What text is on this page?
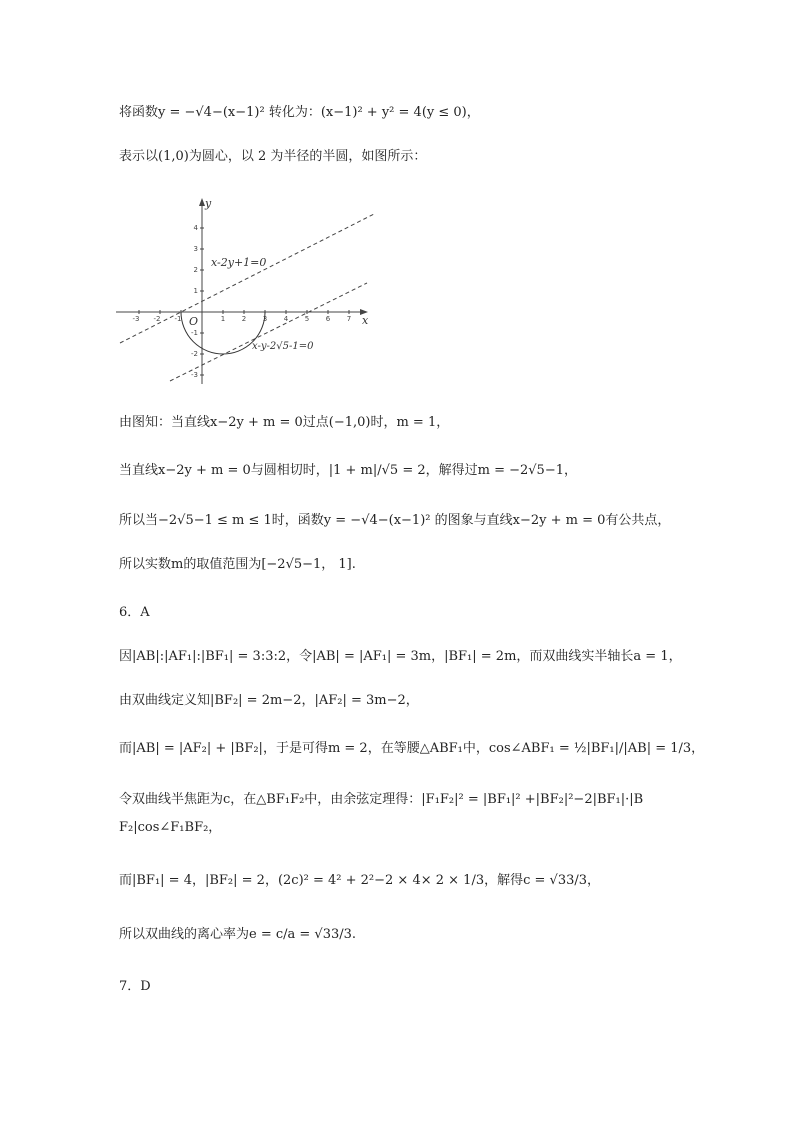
将函数y = −√4−(x−1)² 转化为：(x−1)² + y² = 4(y ≤ 0)，
表示以(1,0)为圆心，以 2 为半径的半圆，如图所示：
-3 -2 -1	1 2 3 4 5 6 7
4
3
2
1
-1
-2
-3
y
x
O
x-2y+1=0
x-y-2√5-1=0
由图知：当直线x−2y + m = 0过点(−1,0)时，m = 1，
当直线x−2y + m = 0与圆相切时，|1 + m|/√5 = 2，解得过m = −2√5−1，
所以当−2√5−1 ≤ m ≤ 1时，函数y = −√4−(x−1)² 的图象与直线x−2y + m = 0有公共点，
所以实数m的取值范围为[−2√5−1， 1].
6．A
因|AB|:|AF₁|:|BF₁| = 3:3:2，令|AB| = |AF₁| = 3m，|BF₁| = 2m，而双曲线实半轴长a = 1，
由双曲线定义知|BF₂| = 2m−2，|AF₂| = 3m−2，
而|AB| = |AF₂| + |BF₂|，于是可得m = 2，在等腰△ABF₁中，cos∠ABF₁ = ½|BF₁|/|AB| = 1/3，
令双曲线半焦距为c，在△BF₁F₂中，由余弦定理得：|F₁F₂|² = |BF₁|² +|BF₂|²−2|BF₁|·|B
F₂|cos∠F₁BF₂，
而|BF₁| = 4，|BF₂| = 2，(2c)² = 4² + 2²−2 × 4× 2 × 1/3，解得c = √33/3，
所以双曲线的离心率为e = c/a = √33/3.
7．D
